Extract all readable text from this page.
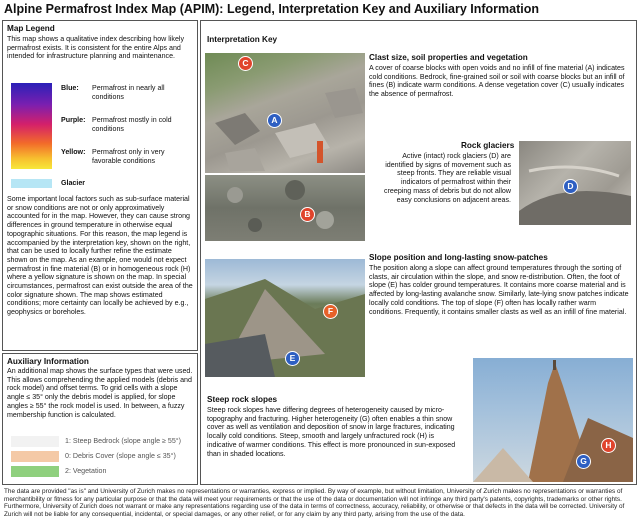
Alpine Permafrost Index Map (APIM): Legend, Interpretation Key and Auxiliary Information
Map Legend
This map shows a qualitative index describing how likely permafrost exists. It is consistent for the entire Alps and intended for infrastructure planning and maintenance.
Blue: Permafrost in nearly all conditions
Purple: Permafrost mostly in cold conditions
Yellow: Permafrost only in very favorable conditions
Glacier
Some important local factors such as sub-surface material or snow conditions are not or only approximatively accounted for in the map. However, they can cause strong differences in ground temperature in otherwise equal topographic situations. For this reason, the map legend is accompanied by the interpretation key, shown on the right, that can be used to locally further refine the estimate shown on the map. As an example, one would not expect permafrost in fine material (B) or in homogeneous rock (H) where a yellow signature is shown on the map. In special circumstances, permafrost can exist outside the area of the color signature shown. The map shows estimated conditions; more certainty can locally be achieved by e.g., geophysics or boreholes.
Auxiliary Information
An additional map shows the surface types that were used. This allows comprehending the applied models (debris and rock model) and offset terms. To grid cells with a slope angle ≤ 35° only the debris model is applied, for slope angles ≥ 55° the rock model is used. In between, a fuzzy membership function is calculated.
1: Steep Bedrock (slope angle ≥ 55°)
0: Debris Cover (slope angle ≤ 35°)
2: Vegetation
Interpretation Key
C
A
B
Clast size, soil properties and vegetation
A cover of coarse blocks with open voids and no infill of fine material (A) indicates cold conditions. Bedrock, fine-grained soil or soil with coarse blocks but an infill of fines (B) indicate warm conditions. A dense vegetation cover (C) usually indicates the absence of permafrost.
Rock glaciers
Active (intact) rock glaciers (D) are identified by signs of movement such as steep fronts. They are reliable visual indicators of permafrost within their creeping mass of debris but do not allow easy conclusions on adjacent areas.
D
F
E
Slope position and long-lasting snow-patches
The position along a slope can affect ground temperatures through the sorting of clasts, air circulation within the slope, and snow re-distribution. Often, the foot of slope (E) has colder ground temperatures. It contains more coarse material and is affected by long-lasting avalanche snow. Similarly, late-lying snow patches indicate locally cold conditions. The top of slope (F) often has locally rather warm conditions. Frequently, it contains smaller clasts as well as an infill of fine material.
Steep rock slopes
Steep rock slopes have differing degrees of heterogeneity caused by micro-topography and fracturing. Higher heterogeneity (G) often enables a thin snow cover as well as ventilation and deposition of snow in large fractures, indicating locally cold conditions. Steep, smooth and largely unfractured rock (H) is indicative of warmer conditions. This effect is more pronounced in sun-exposed than in shaded locations.
H
G
The data are provided "as is" and University of Zurich makes no representations or warranties, express or implied. By way of example, but without limitation, University of Zurich makes no representations or warranties of merchantibility or fitness for any particular purpose or that the data will meet your requirements or that the use of the data or documentation will not infringe any third party's patents, copyrights, trademarks or other rights. Furthermore, University of Zurich does not warrant or make any representations regarding use of the data in terms of correctness, accuracy, reliability, or otherwise or that defects in the data will be corrected. University of Zurich will not be liable for any consequential, incidental, or special damages, or any other relief, or for any claim by any third party, arising from the use of the data.
